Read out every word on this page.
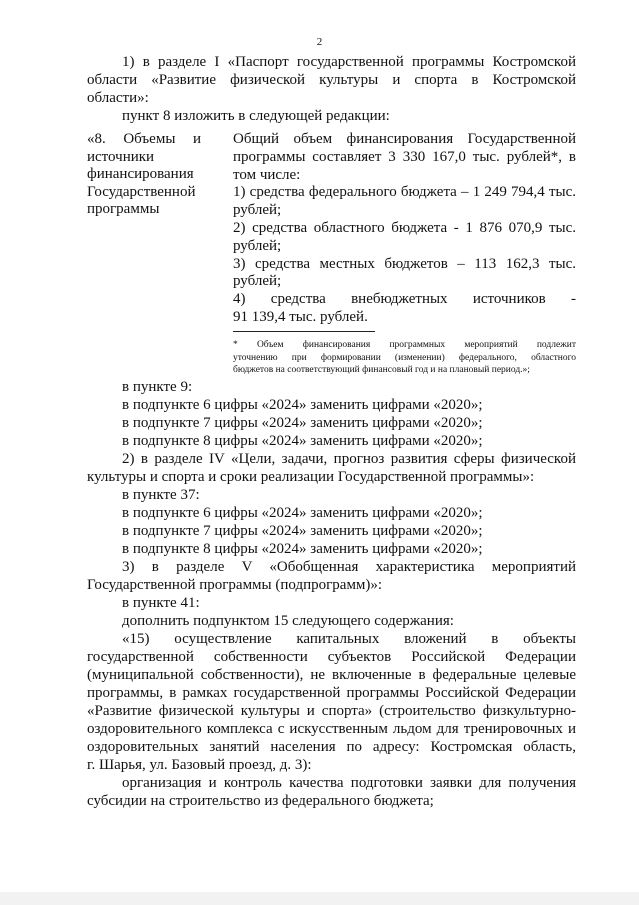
2
1) в разделе I «Паспорт государственной программы Костромской
области «Развитие физической культуры и спорта в Костромской
области»:
пункт 8 изложить в следующей редакции:
«8. Объемы и
источники
финансирования
Государственной
программы
Общий объем финансирования Государственной
программы составляет 3 330 167,0 тыс. рублей*, в
том числе:
1) средства федерального бюджета – 1 249 794,4 тыс.
рублей;
2) средства областного бюджета - 1 876 070,9 тыс.
рублей;
3) средства местных бюджетов – 113 162,3 тыс.
рублей;
4) средства внебюджетных источников -
91 139,4 тыс. рублей.
* Объем финансирования программных мероприятий подлежит
уточнению при формировании (изменении) федерального, областного
бюджетов на соответствующий финансовый год и на плановый период.»;
в пункте 9:
в подпункте 6 цифры «2024» заменить цифрами «2020»;
в подпункте 7 цифры «2024» заменить цифрами «2020»;
в подпункте 8 цифры «2024» заменить цифрами «2020»;
2) в разделе IV «Цели, задачи, прогноз развития сферы физической
культуры и спорта и сроки реализации Государственной программы»:
в пункте 37:
в подпункте 6 цифры «2024» заменить цифрами «2020»;
в подпункте 7 цифры «2024» заменить цифрами «2020»;
в подпункте 8 цифры «2024» заменить цифрами «2020»;
3) в разделе V «Обобщенная характеристика мероприятий
Государственной программы (подпрограмм)»:
в пункте 41:
дополнить подпунктом 15 следующего содержания:
«15) осуществление капитальных вложений в объекты
государственной собственности субъектов Российской Федерации
(муниципальной собственности), не включенные в федеральные целевые
программы, в рамках государственной программы Российской Федерации
«Развитие физической культуры и спорта» (строительство физкультурно-
оздоровительного комплекса с искусственным льдом для тренировочных и
оздоровительных занятий населения по адресу: Костромская область,
г. Шарья, ул. Базовый проезд, д. 3):
организация и контроль качества подготовки заявки для получения
субсидии на строительство из федерального бюджета;
